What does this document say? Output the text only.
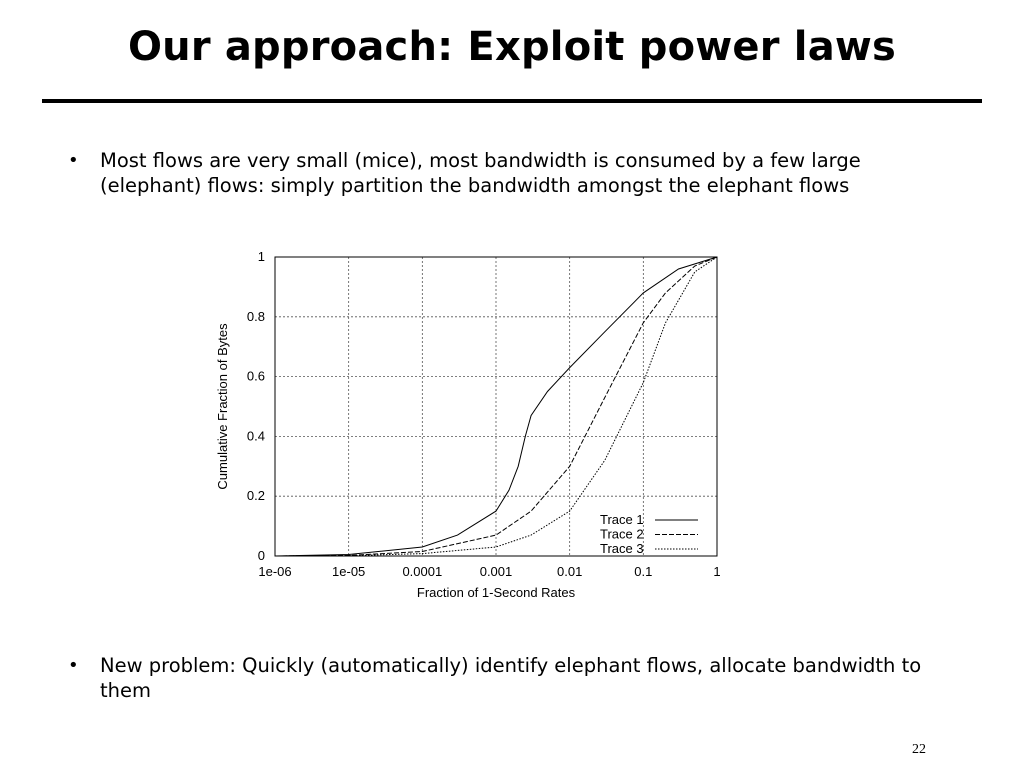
Our approach: Exploit power laws
• Most flows are very small (mice), most bandwidth is consumed by a few large (elephant) flows: simply partition the bandwidth amongst the elephant flows
1e-06	1e-05	0.0001	0.001	0.01	0.1	1
0
0.2
0.4
0.6
0.8
1
Fraction of 1-Second Rates
Cumulative Fraction of Bytes
Trace 1
Trace 2
Trace 3
• New problem: Quickly (automatically) identify elephant flows, allocate bandwidth to them
22
